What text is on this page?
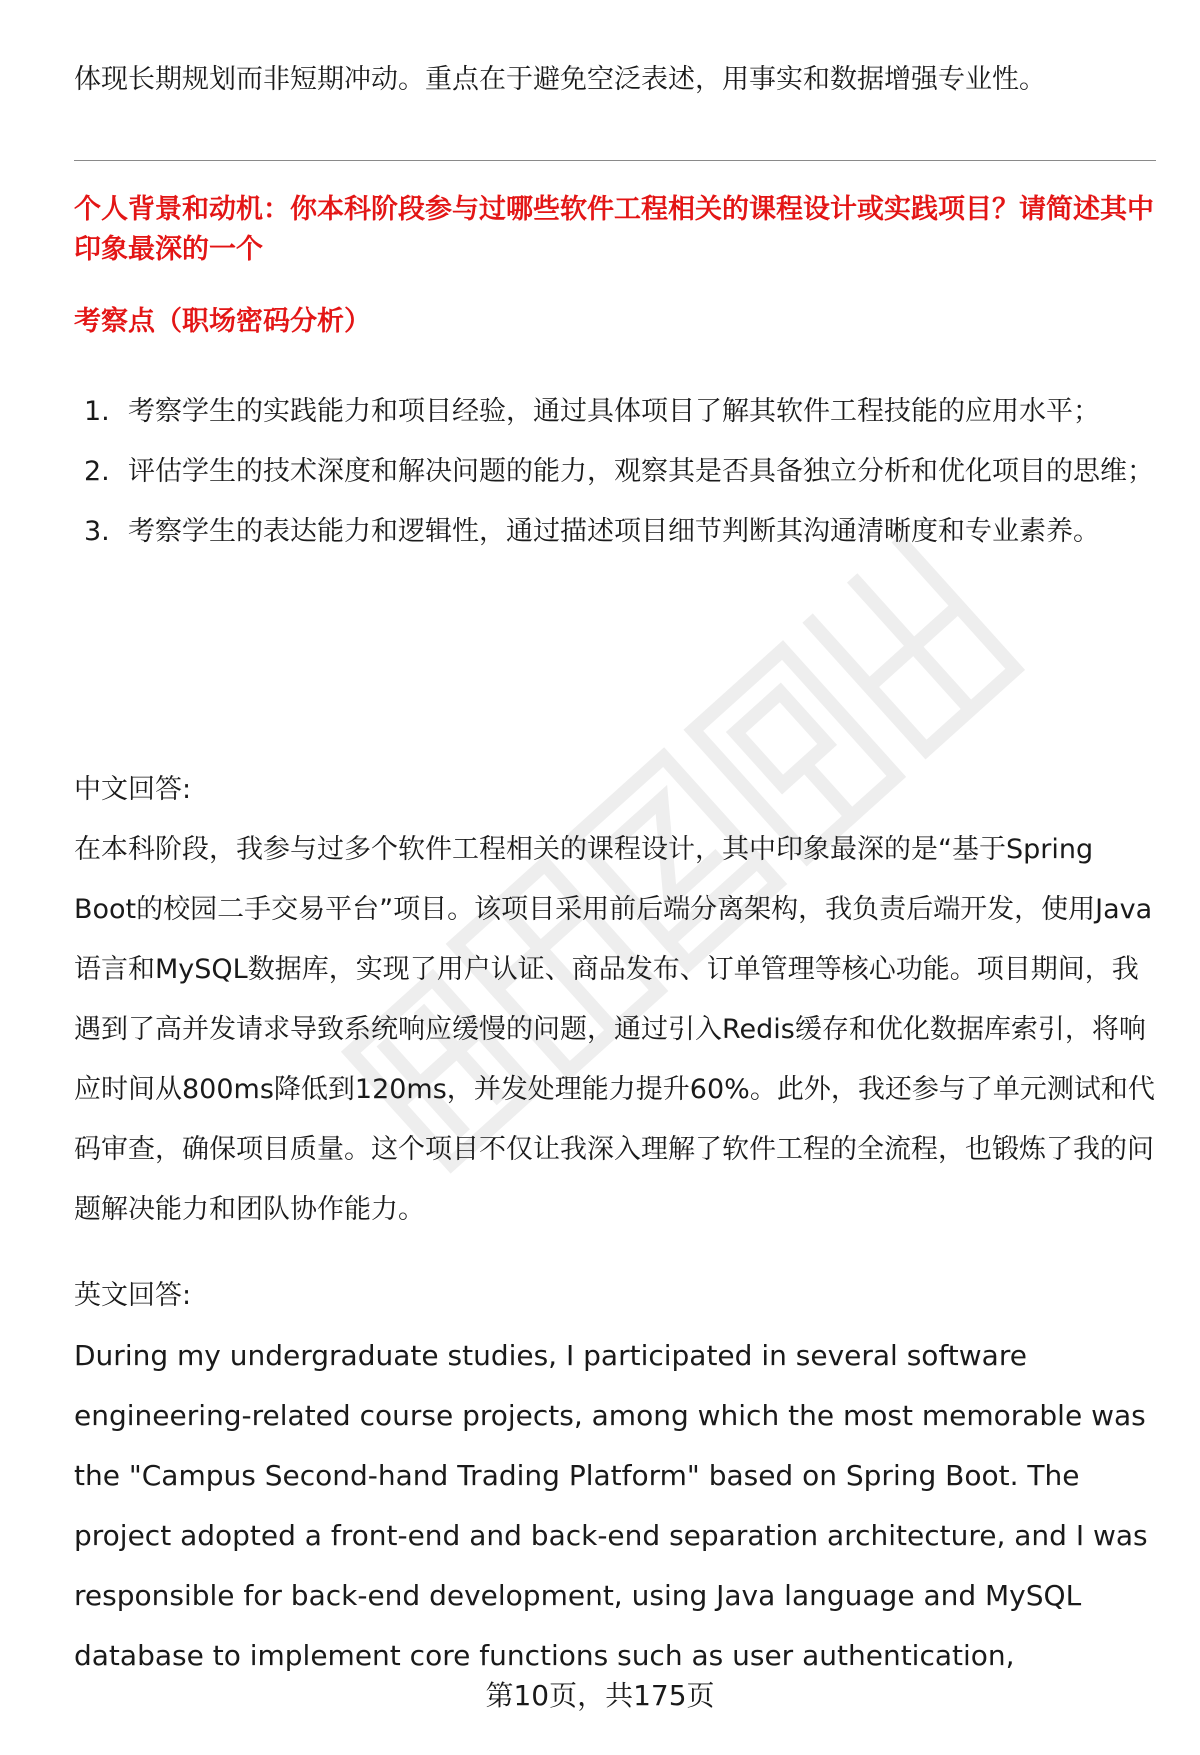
体现长期规划而非短期冲动。重点在于避免空泛表述，用事实和数据增强专业性。
个人背景和动机：你本科阶段参与过哪些软件工程相关的课程设计或实践项目？请简述其中印象最深的一个
考察点（职场密码分析）
1. 考察学生的实践能力和项目经验，通过具体项目了解其软件工程技能的应用水平；
2. 评估学生的技术深度和解决问题的能力，观察其是否具备独立分析和优化项目的思维；
3. 考察学生的表达能力和逻辑性，通过描述项目细节判断其沟通清晰度和专业素养。
中文回答:
在本科阶段，我参与过多个软件工程相关的课程设计，其中印象最深的是“基于Spring Boot的校园二手交易平台”项目。该项目采用前后端分离架构，我负责后端开发，使用Java语言和MySQL数据库，实现了用户认证、商品发布、订单管理等核心功能。项目期间，我遇到了高并发请求导致系统响应缓慢的问题，通过引入Redis缓存和优化数据库索引，将响应时间从800ms降低到120ms，并发处理能力提升60%。此外，我还参与了单元测试和代码审查，确保项目质量。这个项目不仅让我深入理解了软件工程的全流程，也锻炼了我的问题解决能力和团队协作能力。
英文回答:
During my undergraduate studies, I participated in several software engineering-related course projects, among which the most memorable was the "Campus Second-hand Trading Platform" based on Spring Boot. The project adopted a front-end and back-end separation architecture, and I was responsible for back-end development, using Java language and MySQL database to implement core functions such as user authentication,
第10页，共175页
